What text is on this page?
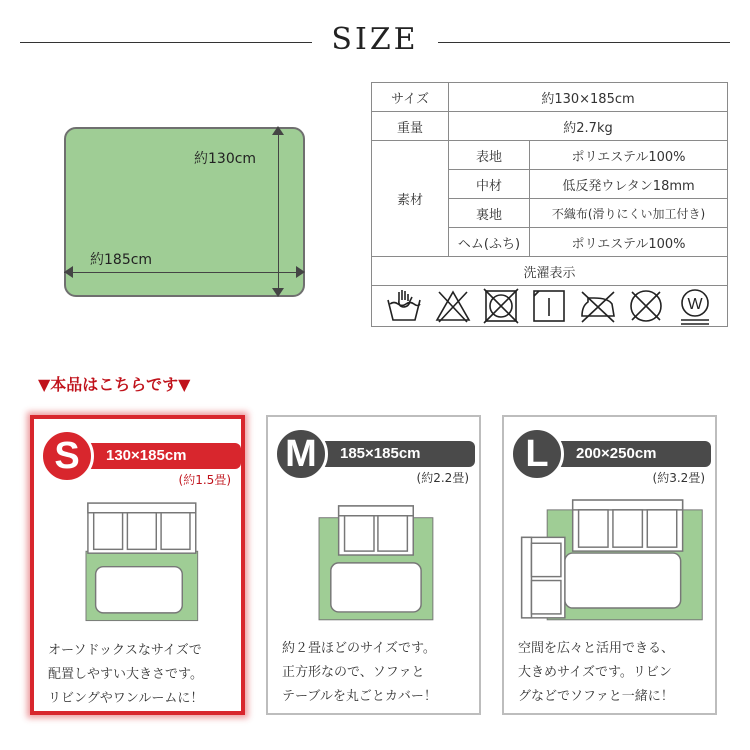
SIZE
約130cm
約185cm
サイズ	約130×185cm	
重量	約2.7kg	
素材	表地	ポリエステル100%
	中材	低反発ウレタン18mm
	裏地	不織布(滑りにくい加工付き)
	ヘム(ふち)	ポリエステル100%
洗濯表示		

W		
▼本品はこちらです▼
130×185cm
S
(約1.5畳)
オーソドックスなサイズで
配置しやすい大きさです。
リビングやワンルームに！
185×185cm
M
(約2.2畳)
約２畳ほどのサイズです。
正方形なので、ソファと
テーブルを丸ごとカバー！
200×250cm
L
(約3.2畳)
空間を広々と活用できる、
大きめサイズです。リビン
グなどでソファと一緒に！
